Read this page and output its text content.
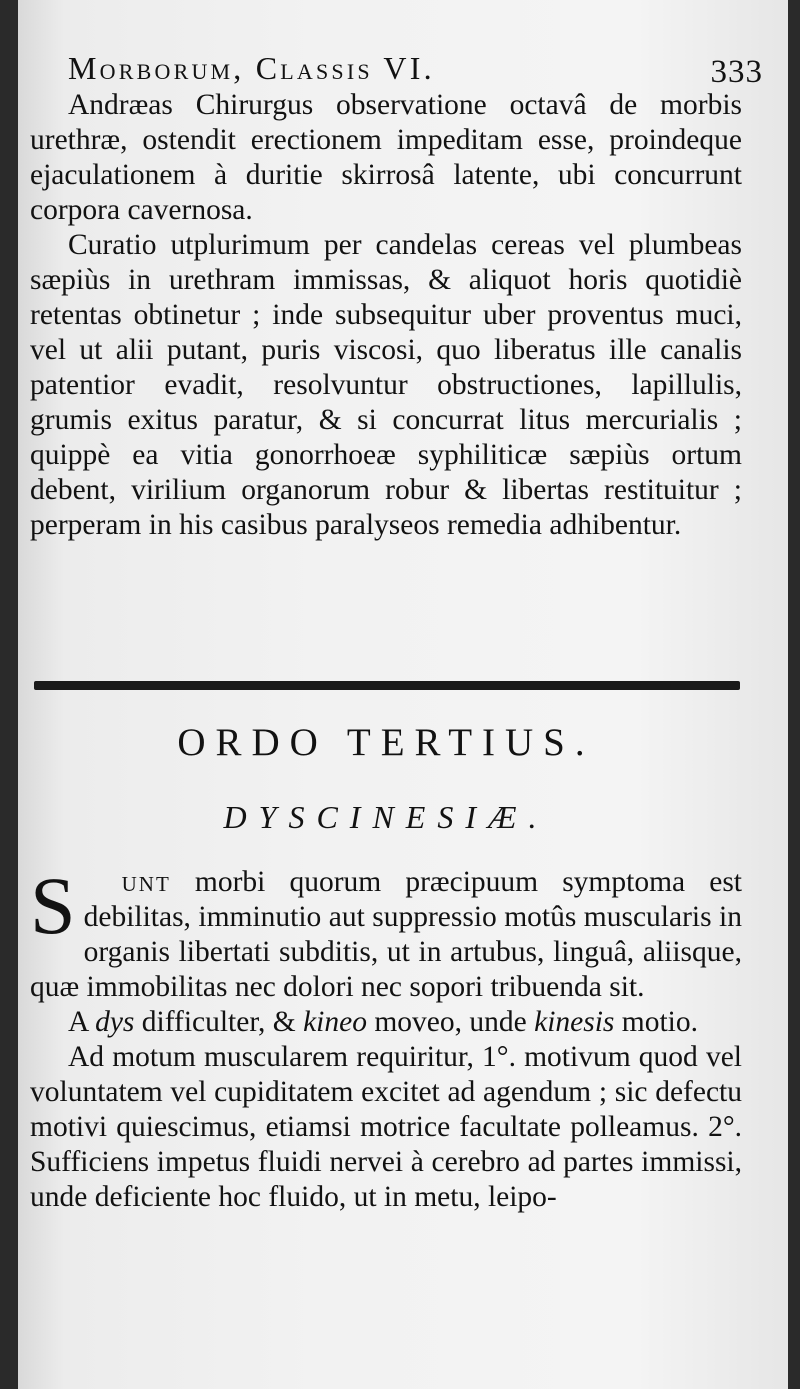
Morborum, Classis VI.	333

Andræas Chirurgus observatione octavâ de morbis urethræ, ostendit erectionem impeditam esse, proindeque ejaculationem à duritie skirrosâ latente, ubi concurrunt corpora cavernosa.

Curatio utplurimum per candelas cereas vel plumbeas sæpiùs in urethram immissas, & aliquot horis quotidiè retentas obtinetur ; inde subsequitur uber proventus muci, vel ut alii putant, puris viscosi, quo liberatus ille canalis patentior evadit, resolvuntur obstructiones, lapillulis, grumis exitus paratur, & si concurrat litus mercurialis ; quippè ea vitia gonorrhoeæ syphiliticæ sæpiùs ortum debent, virilium organorum robur & libertas restituitur ; perperam in his casibus paralyseos remedia adhibentur.

ORDO TERTIUS.
DYSCINESIÆ.

S unt morbi quorum præcipuum symptoma est debilitas, imminutio aut suppressio motûs muscularis in organis libertati subditis, ut in artubus, linguâ, aliisque, quæ immobilitas nec dolori nec sopori tribuenda sit.

A dys difficulter, & kineo moveo, unde kinesis motio.

Ad motum muscularem requiritur, 1°. motivum quod vel voluntatem vel cupiditatem excitet ad agendum ; sic defectu motivi quiescimus, etiamsi motrice facultate polleamus. 2°. Sufficiens impetus fluidi nervei à cerebro ad partes immissi, unde deficiente hoc fluido, ut in metu, leipo-
